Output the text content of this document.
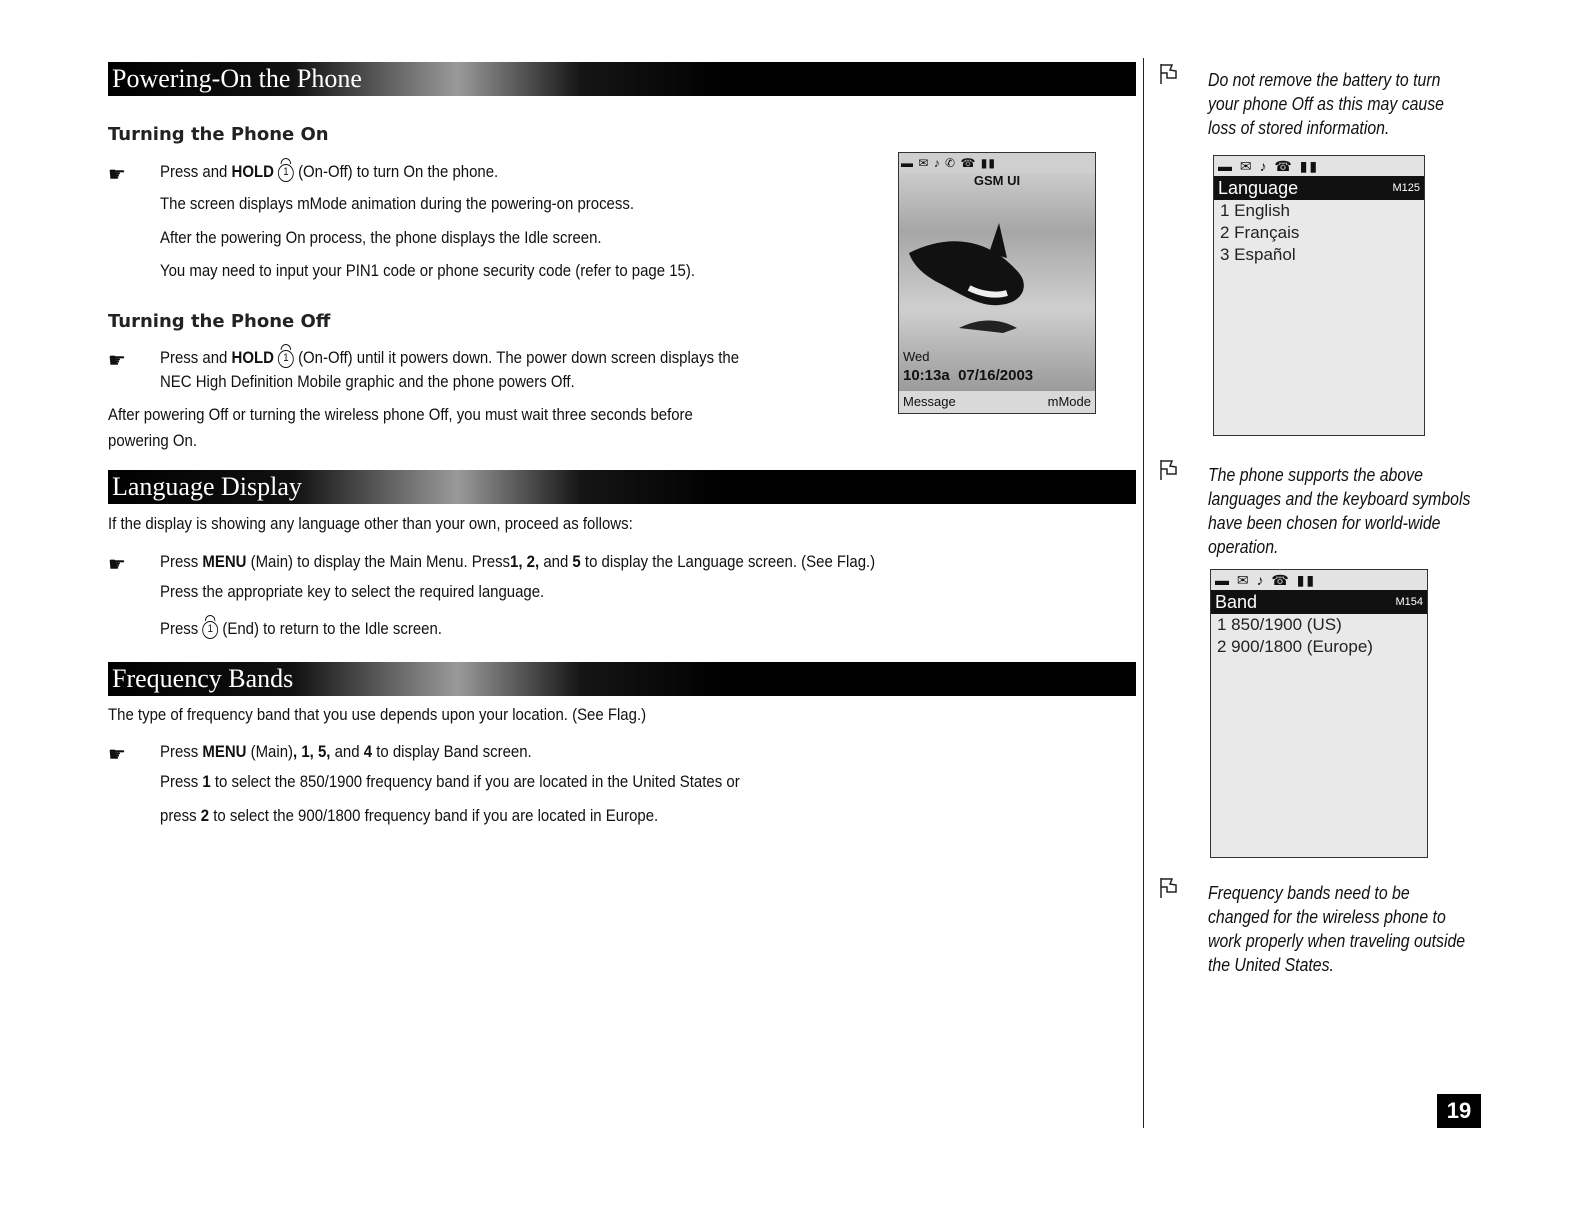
Powering-On the Phone
Turning the Phone On
☛ Press and HOLD 1 (On-Off) to turn On the phone.
The screen displays mMode animation during the powering-on process.
After the powering On process, the phone displays the Idle screen.
You may need to input your PIN1 code or phone security code (refer to page 15).
Turning the Phone Off
☛ Press and HOLD 1 (On-Off) until it powers down. The power down screen displays the
NEC High Definition Mobile graphic and the phone powers Off.
After powering Off or turning the wireless phone Off, you must wait three seconds before
powering On.
Language Display
If the display is showing any language other than your own, proceed as follows:
☛ Press MENU (Main) to display the Main Menu. Press1, 2, and 5 to display the Language screen. (See Flag.)
Press the appropriate key to select the required language.
Press 1 (End) to return to the Idle screen.
Frequency Bands
The type of frequency band that you use depends upon your location. (See Flag.)
☛ Press MENU (Main), 1, 5, and 4 to display Band screen.
Press 1 to select the 850/1900 frequency band if you are located in the United States or
press 2 to select the 900/1800 frequency band if you are located in Europe.
▬ ✉ ♪ ✆ ☎ ▮▮
GSM UI
Wed
10:13a 07/16/2003
Message	mMode
Do not remove the battery to turn your phone Off as this may cause loss of stored information.
▬ ✉ ♪ ☎ ▮▮
Language	M125
1 English
2 Français
3 Español
The phone supports the above languages and the keyboard symbols have been chosen for world-wide operation.
▬ ✉ ♪ ☎ ▮▮
Band	M154
1 850/1900 (US)
2 900/1800 (Europe)
Frequency bands need to be changed for the wireless phone to work properly when traveling outside the United States.
19
